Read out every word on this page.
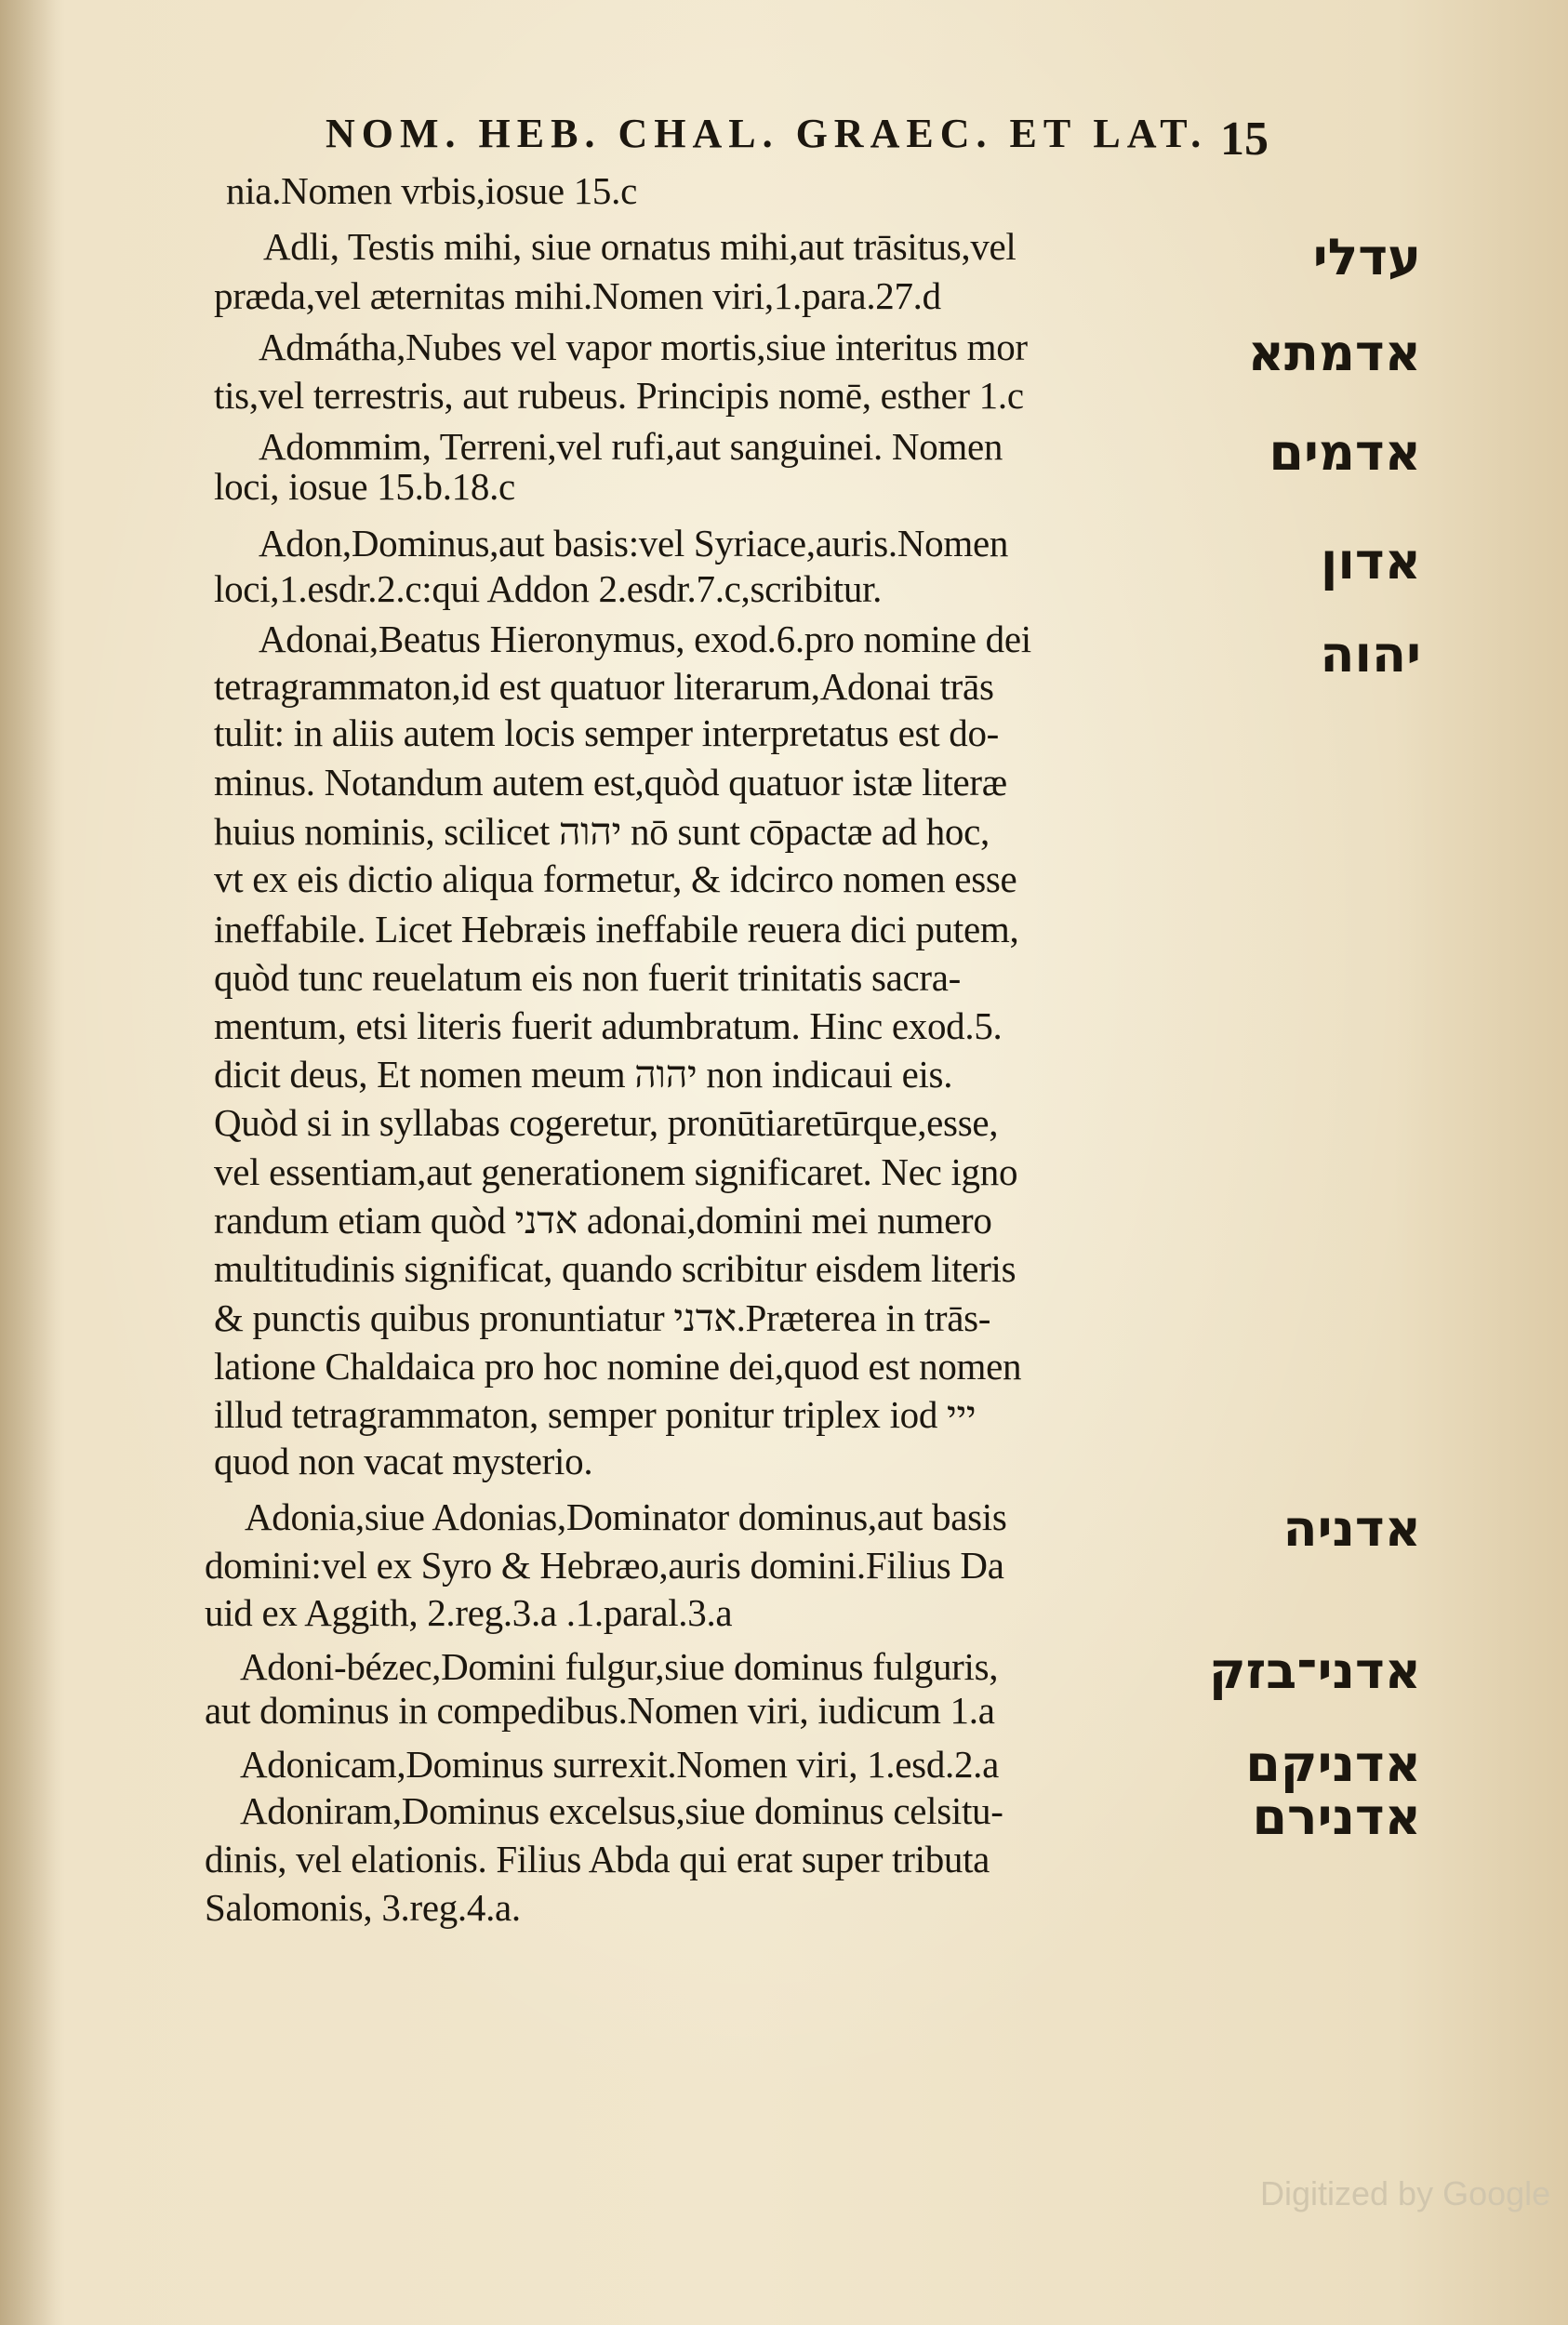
NOM. HEB. CHAL. GRAEC. ET LAT. 15
nia.Nomen vrbis,iosue 15.c
Adli, Testis mihi, siue ornatus mihi,aut trāsitus,vel
præda,vel æternitas mihi.Nomen viri,1.para.27.d
Admátha,Nubes vel vapor mortis,siue interitus mor
tis,vel terrestris, aut rubeus. Principis nomē, esther 1.c
Adommim, Terreni,vel rufi,aut sanguinei. Nomen
loci, iosue 15.b.18.c
Adon,Dominus,aut basis:vel Syriace,auris.Nomen
loci,1.esdr.2.c:qui Addon 2.esdr.7.c,scribitur.
Adonai,Beatus Hieronymus, exod.6.pro nomine dei
tetragrammaton,id est quatuor literarum,Adonai trās
tulit: in aliis autem locis semper interpretatus est do-
minus. Notandum autem est,quòd quatuor istæ literæ
huius nominis, scilicet יהוה nō sunt cōpactæ ad hoc,
vt ex eis dictio aliqua formetur, & idcirco nomen esse
ineffabile. Licet Hebræis ineffabile reuera dici putem,
quòd tunc reuelatum eis non fuerit trinitatis sacra-
mentum, etsi literis fuerit adumbratum. Hinc exod.5.
dicit deus, Et nomen meum יהוה non indicaui eis.
Quòd si in syllabas cogeretur, pronūtiaretūrque,esse,
vel essentiam,aut generationem significaret. Nec igno
randum etiam quòd אדני adonai,domini mei numero
multitudinis significat, quando scribitur eisdem literis
& punctis quibus pronuntiatur אדני.Præterea in trās-
latione Chaldaica pro hoc nomine dei,quod est nomen
illud tetragrammaton, semper ponitur triplex iod ייי
quod non vacat mysterio.
Adonia,siue Adonias,Dominator dominus,aut basis
domini:vel ex Syro & Hebræo,auris domini.Filius Da
uid ex Aggith, 2.reg.3.a .1.paral.3.a
Adoni-bézec,Domini fulgur,siue dominus fulguris,
aut dominus in compedibus.Nomen viri, iudicum 1.a
Adonicam,Dominus surrexit.Nomen viri, 1.esd.2.a
Adoniram,Dominus excelsus,siue dominus celsitu-
dinis, vel elationis. Filius Abda qui erat super tributa
Salomonis, 3.reg.4.a.
עדלי
אדמתא
אדמים
אדון
יהוה
אדניה
אדני־בזק
אדניקם
אדנירם
Digitized by Google
